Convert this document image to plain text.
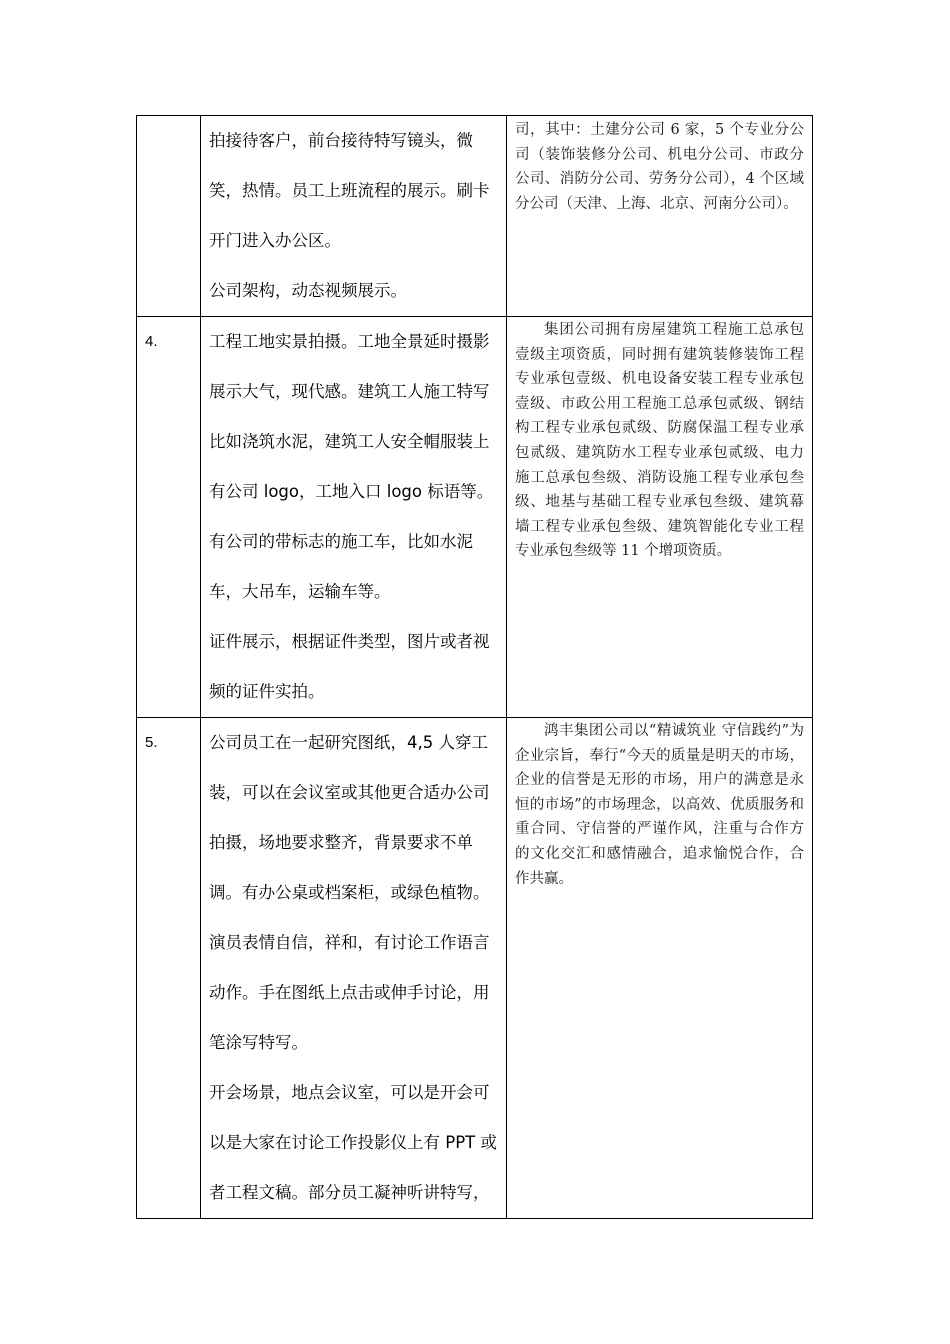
	拍接待客户，前台接待特写镜头，微笑，热情。员工上班流程的展示。刷卡开门进入办公区。

公司架构，动态视频展示。	司，其中：土建分公司 6 家，5 个专业分公司（装饰装修分公司、机电分公司、市政分公司、消防分公司、劳务分公司），4 个区域分公司（天津、上海、北京、河南分公司）。

4.	工程工地实景拍摄。工地全景延时摄影展示大气，现代感。建筑工人施工特写比如浇筑水泥，建筑工人安全帽服装上有公司 logo，工地入口 logo 标语等。

有公司的带标志的施工车，比如水泥车，大吊车，运输车等。

证件展示，根据证件类型，图片或者视频的证件实拍。	集团公司拥有房屋建筑工程施工总承包壹级主项资质，同时拥有建筑装修装饰工程专业承包壹级、机电设备安装工程专业承包壹级、市政公用工程施工总承包贰级、钢结构工程专业承包贰级、防腐保温工程专业承包贰级、建筑防水工程专业承包贰级、电力施工总承包叁级、消防设施工程专业承包叁级、地基与基础工程专业承包叁级、建筑幕墙工程专业承包叁级、建筑智能化专业工程专业承包叁级等 11 个增项资质。

5.	公司员工在一起研究图纸，4,5 人穿工装，可以在会议室或其他更合适办公司拍摄，场地要求整齐，背景要求不单调。有办公桌或档案柜，或绿色植物。演员表情自信，祥和，有讨论工作语言动作。手在图纸上点击或伸手讨论，用笔涂写特写。

开会场景，地点会议室，可以是开会可以是大家在讨论工作投影仪上有 PPT 或者工程文稿。部分员工凝神听讲特写，	鸿丰集团公司以“精诚筑业 守信践约”为企业宗旨，奉行“今天的质量是明天的市场，企业的信誉是无形的市场，用户的满意是永恒的市场”的市场理念，以高效、优质服务和重合同、守信誉的严谨作风，注重与合作方的文化交汇和感情融合，追求愉悦合作，合作共赢。
